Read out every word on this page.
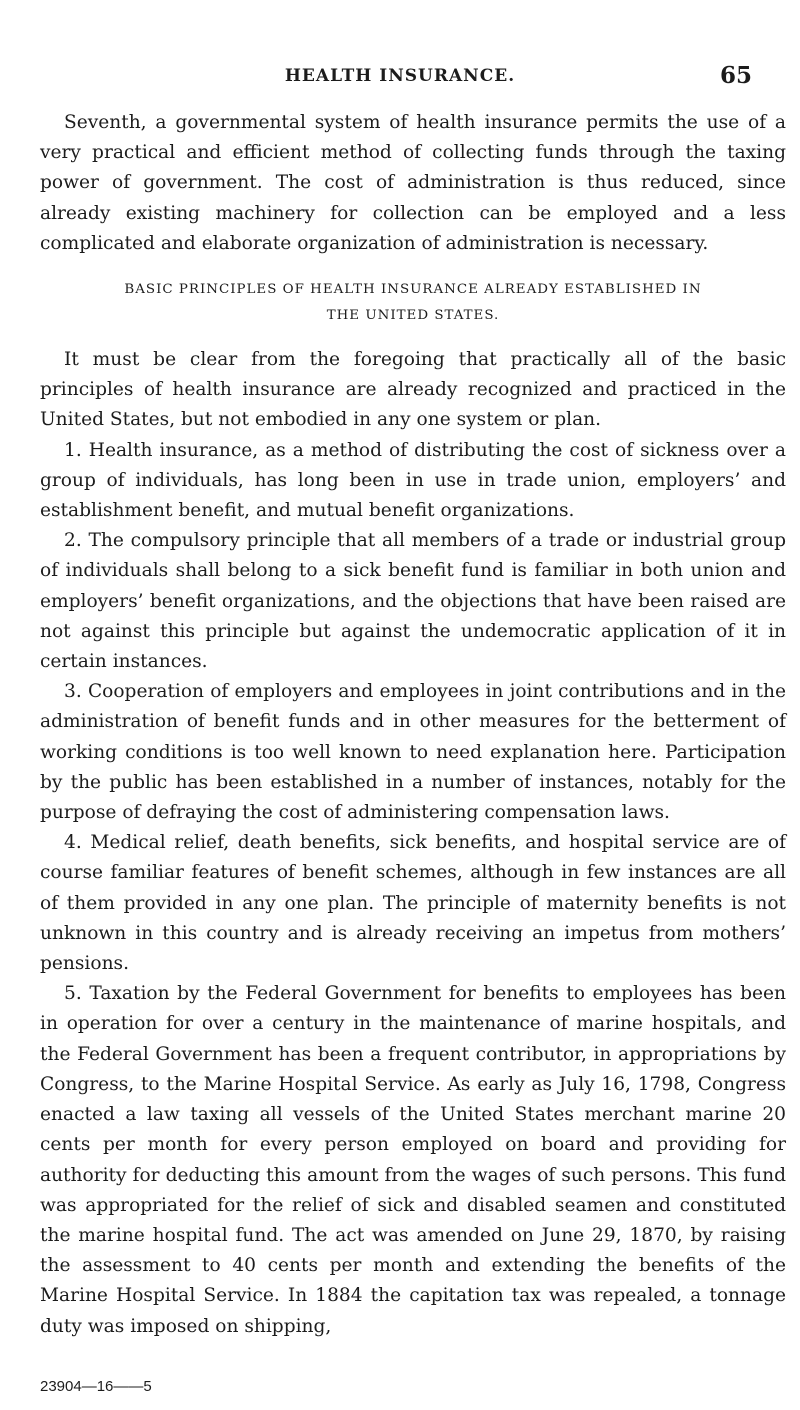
HEALTH INSURANCE.	65

Seventh, a governmental system of health insurance permits the use of a very practical and efficient method of collecting funds through the taxing power of government. The cost of administration is thus reduced, since already existing machinery for collection can be employed and a less complicated and elaborate organization of administration is necessary.

BASIC PRINCIPLES OF HEALTH INSURANCE ALREADY ESTABLISHED IN
THE UNITED STATES.

It must be clear from the foregoing that practically all of the basic principles of health insurance are already recognized and practiced in the United States, but not embodied in any one system or plan.

1. Health insurance, as a method of distributing the cost of sickness over a group of individuals, has long been in use in trade union, employers’ and establishment benefit, and mutual benefit organizations.

2. The compulsory principle that all members of a trade or industrial group of individuals shall belong to a sick benefit fund is familiar in both union and employers’ benefit organizations, and the objections that have been raised are not against this principle but against the undemocratic application of it in certain instances.

3. Cooperation of employers and employees in joint contributions and in the administration of benefit funds and in other measures for the betterment of working conditions is too well known to need explanation here. Participation by the public has been established in a number of instances, notably for the purpose of defraying the cost of administering compensation laws.

4. Medical relief, death benefits, sick benefits, and hospital service are of course familiar features of benefit schemes, although in few instances are all of them provided in any one plan. The principle of maternity benefits is not unknown in this country and is already receiving an impetus from mothers’ pensions.

5. Taxation by the Federal Government for benefits to employees has been in operation for over a century in the maintenance of marine hospitals, and the Federal Government has been a frequent contributor, in appropriations by Congress, to the Marine Hospital Service. As early as July 16, 1798, Congress enacted a law taxing all vessels of the United States merchant marine 20 cents per month for every person employed on board and providing for authority for deducting this amount from the wages of such persons. This fund was appropriated for the relief of sick and disabled seamen and constituted the marine hospital fund. The act was amended on June 29, 1870, by raising the assessment to 40 cents per month and extending the benefits of the Marine Hospital Service. In 1884 the capitation tax was repealed, a tonnage duty was imposed on shipping,

23904—16——5
